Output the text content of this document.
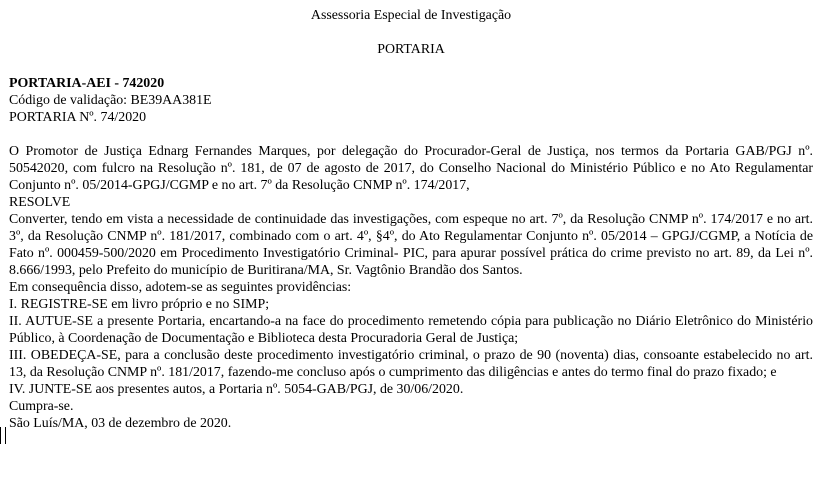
Assessoria Especial de Investigação
PORTARIA
PORTARIA-AEI - 742020
Código de validação: BE39AA381E
PORTARIA Nº. 74/2020
O Promotor de Justiça Ednarg Fernandes Marques, por delegação do Procurador-Geral de Justiça, nos termos da Portaria GAB/PGJ nº. 50542020, com fulcro na Resolução nº. 181, de 07 de agosto de 2017, do Conselho Nacional do Ministério Público e no Ato Regulamentar Conjunto nº. 05/2014-GPGJ/CGMP e no art. 7º da Resolução CNMP nº. 174/2017,
RESOLVE
Converter, tendo em vista a necessidade de continuidade das investigações, com espeque no art. 7º, da Resolução CNMP nº. 174/2017 e no art. 3º, da Resolução CNMP nº. 181/2017, combinado com o art. 4º, §4º, do Ato Regulamentar Conjunto nº. 05/2014 – GPGJ/CGMP, a Notícia de Fato nº. 000459-500/2020 em Procedimento Investigatório Criminal- PIC, para apurar possível prática do crime previsto no art. 89, da Lei nº. 8.666/1993, pelo Prefeito do município de Buritirana/MA, Sr. Vagtônio Brandão dos Santos.
Em consequência disso, adotem-se as seguintes providências:
I. REGISTRE-SE em livro próprio e no SIMP;
II. AUTUE-SE a presente Portaria, encartando-a na face do procedimento remetendo cópia para publicação no Diário Eletrônico do Ministério Público, à Coordenação de Documentação e Biblioteca desta Procuradoria Geral de Justiça;
III. OBEDEÇA-SE, para a conclusão deste procedimento investigatório criminal, o prazo de 90 (noventa) dias, consoante estabelecido no art. 13, da Resolução CNMP nº. 181/2017, fazendo-me concluso após o cumprimento das diligências e antes do termo final do prazo fixado; e
IV. JUNTE-SE aos presentes autos, a Portaria nº. 5054-GAB/PGJ, de 30/06/2020.
Cumpra-se.
São Luís/MA, 03 de dezembro de 2020.
